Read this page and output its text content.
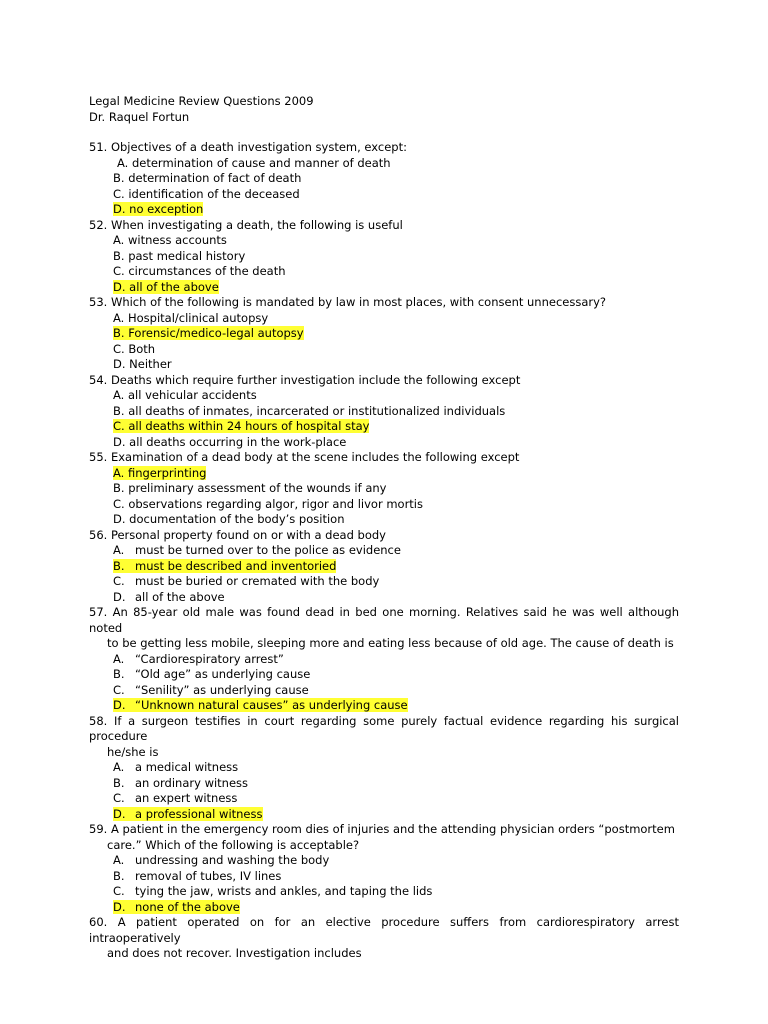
Legal Medicine Review Questions 2009
Dr. Raquel Fortun
51. Objectives of a death investigation system, except:
A. determination of cause and manner of death
B. determination of fact of death
C. identification of the deceased
D. no exception
52. When investigating a death, the following is useful
A. witness accounts
B. past medical history
C. circumstances of the death
D. all of the above
53. Which of the following is mandated by law in most places, with consent unnecessary?
A. Hospital/clinical autopsy
B. Forensic/medico-legal autopsy
C. Both
D. Neither
54. Deaths which require further investigation include the following except
A. all vehicular accidents
B. all deaths of inmates, incarcerated or institutionalized individuals
C. all deaths within 24 hours of hospital stay
D. all deaths occurring in the work-place
55. Examination of a dead body at the scene includes the following except
A. fingerprinting
B. preliminary assessment of the wounds if any
C. observations regarding algor, rigor and livor mortis
D. documentation of the body’s position
56. Personal property found on or with a dead body
A. must be turned over to the police as evidence
B. must be described and inventoried
C. must be buried or cremated with the body
D. all of the above
57. An 85-year old male was found dead in bed one morning. Relatives said he was well although noted
to be getting less mobile, sleeping more and eating less because of old age. The cause of death is
A. “Cardiorespiratory arrest”
B. “Old age” as underlying cause
C. “Senility” as underlying cause
D. “Unknown natural causes” as underlying cause
58. If a surgeon testifies in court regarding some purely factual evidence regarding his surgical procedure
he/she is
A. a medical witness
B. an ordinary witness
C. an expert witness
D. a professional witness
59. A patient in the emergency room dies of injuries and the attending physician orders “postmortem
care.” Which of the following is acceptable?
A. undressing and washing the body
B. removal of tubes, IV lines
C. tying the jaw, wrists and ankles, and taping the lids
D. none of the above
60. A patient operated on for an elective procedure suffers from cardiorespiratory arrest intraoperatively
and does not recover. Investigation includes
